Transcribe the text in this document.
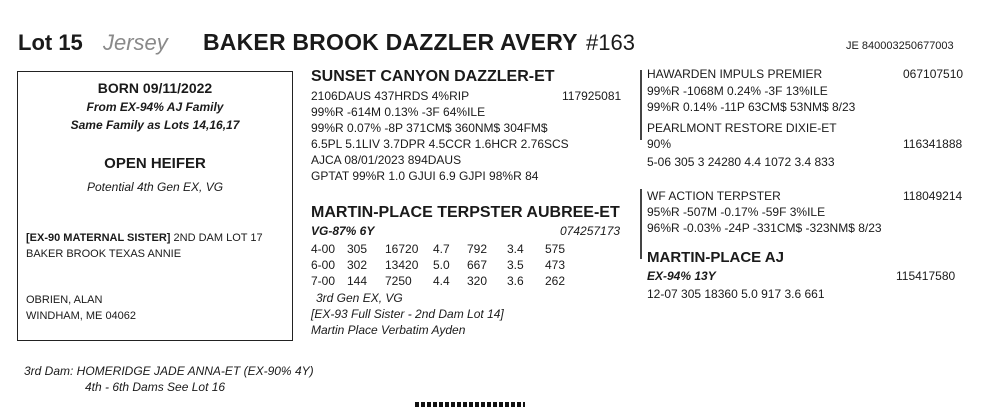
Lot 15 Jersey BAKER BROOK DAZZLER AVERY #163	JE 840003250677003
BORN 09/11/2022
From EX-94% AJ Family
Same Family as Lots 14,16,17
OPEN HEIFER
Potential 4th Gen EX, VG
[EX-90 MATERNAL SISTER] 2ND DAM LOT 17
BAKER BROOK TEXAS ANNIE
OBRIEN, ALAN
WINDHAM, ME 04062
3rd Dam: HOMERIDGE JADE ANNA-ET (EX-90% 4Y)
4th - 6th Dams See Lot 16
SUNSET CANYON DAZZLER-ET
2106DAUS 437HRDS 4%RIP	117925081
99%R -614M 0.13% -3F 64%ILE
99%R 0.07% -8P 371CM$ 360NM$ 304FM$
6.5PL 5.1LIV 3.7DPR 4.5CCR 1.6HCR 2.76SCS
AJCA 08/01/2023 894DAUS
GPTAT 99%R 1.0 GJUI 6.9 GJPI 98%R 84
MARTIN-PLACE TERPSTER AUBREE-ET
VG-87% 6Y	074257173
4-00 305 16720 4.7 792 3.4 575
6-00 302 13420 5.0 667 3.5 473
7-00 144 7250 4.4 320 3.6 262
3rd Gen EX, VG
[EX-93 Full Sister - 2nd Dam Lot 14]
Martin Place Verbatim Ayden
HAWARDEN IMPULS PREMIER	067107510
99%R -1068M 0.24% -3F 13%ILE
99%R 0.14% -11P 63CM$ 53NM$ 8/23
PEARLMONT RESTORE DIXIE-ET
90%	116341888
5-06 305 3 24280 4.4 1072 3.4 833
WF ACTION TERPSTER	118049214
95%R -507M -0.17% -59F 3%ILE
96%R -0.03% -24P -331CM$ -323NM$ 8/23
MARTIN-PLACE AJ
EX-94% 13Y	115417580
12-07 305 18360 5.0 917 3.6 661
